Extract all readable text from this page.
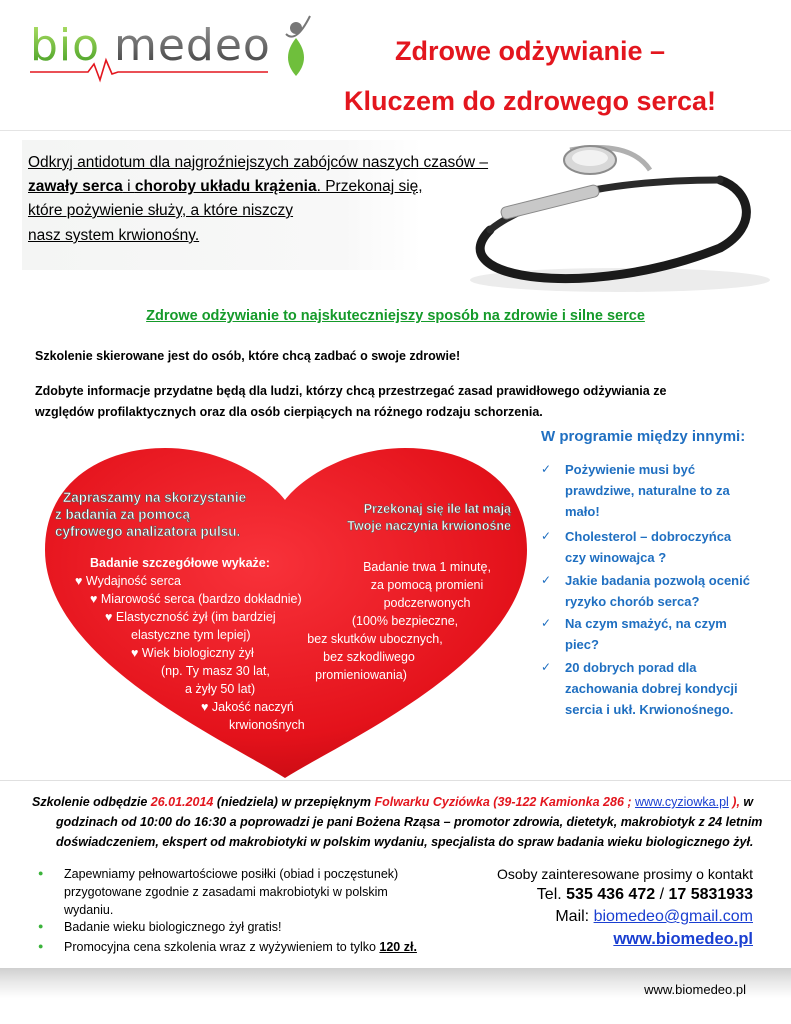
bio medeo	Zdrowe odżywianie –
Kluczem do zdrowego serca!
Odkryj antidotum dla najgroźniejszych zabójców naszych czasów –
zawały serca i choroby układu krążenia. Przekonaj się,
które pożywienie służy, a które niszczy
nasz system krwionośny.
Zdrowe odżywianie to najskuteczniejszy sposób na zdrowie i silne serce
Szkolenie skierowane jest do osób, które chcą zadbać o swoje zdrowie!
Zdobyte informacje przydatne będą dla ludzi, którzy chcą przestrzegać zasad prawidłowego odżywiania ze
względów profilaktycznych oraz dla osób cierpiących na różnego rodzaju schorzenia.
W programie między innymi:
✓ Pożywienie musi być
prawdziwe, naturalne to za
mało!
✓ Cholesterol – dobroczyńca
czy winowajca ?
✓ Jakie badania pozwolą ocenić
ryzyko chorób serca?
✓ Na czym smażyć, na czym
piec?
✓ 20 dobrych porad dla
zachowania dobrej kondycji
sercia i ukł. Krwionośnego.
Zapraszamy na skorzystanie
z badania za pomocą
cyfrowego analizatora pulsu.
Przekonaj się ile lat mają
Twoje naczynia krwionośne
Badanie szczegółowe wykaże:
♥ Wydajność serca
♥ Miarowość serca (bardzo dokładnie)
♥ Elastyczność żył (im bardziej
elastyczne tym lepiej)
♥ Wiek biologiczny żył
(np. Ty masz 30 lat,
a żyły 50 lat)
♥ Jakość naczyń
krwionośnych
Badanie trwa 1 minutę,
za pomocą promieni
podczerwonych
(100% bezpieczne,
bez skutków ubocznych,
bez szkodliwego
promieniowania)
Szkolenie odbędzie 26.01.2014 (niedziela) w przepięknym Folwarku Cyziówka (39-122 Kamionka 286 ; www.cyziowka.pl ), w
godzinach od 10:00 do 16:30 a poprowadzi je pani Bożena Rząsa – promotor zdrowia, dietetyk, makrobiotyk z 24 letnim
doświadczeniem, ekspert od makrobiotyki w polskim wydaniu, specjalista do spraw badania wieku biologicznego żył.
● Zapewniamy pełnowartościowe posiłki (obiad i poczęstunek)
przygotowane zgodnie z zasadami makrobiotyki w polskim
wydaniu.
● Badanie wieku biologicznego żył gratis!
● Promocyjna cena szkolenia wraz z wyżywieniem to tylko 120 zł.
Osoby zainteresowane prosimy o kontakt
Tel. 535 436 472 / 17 5831933
Mail: biomedeo@gmail.com
www.biomedeo.pl
www.biomedeo.pl
